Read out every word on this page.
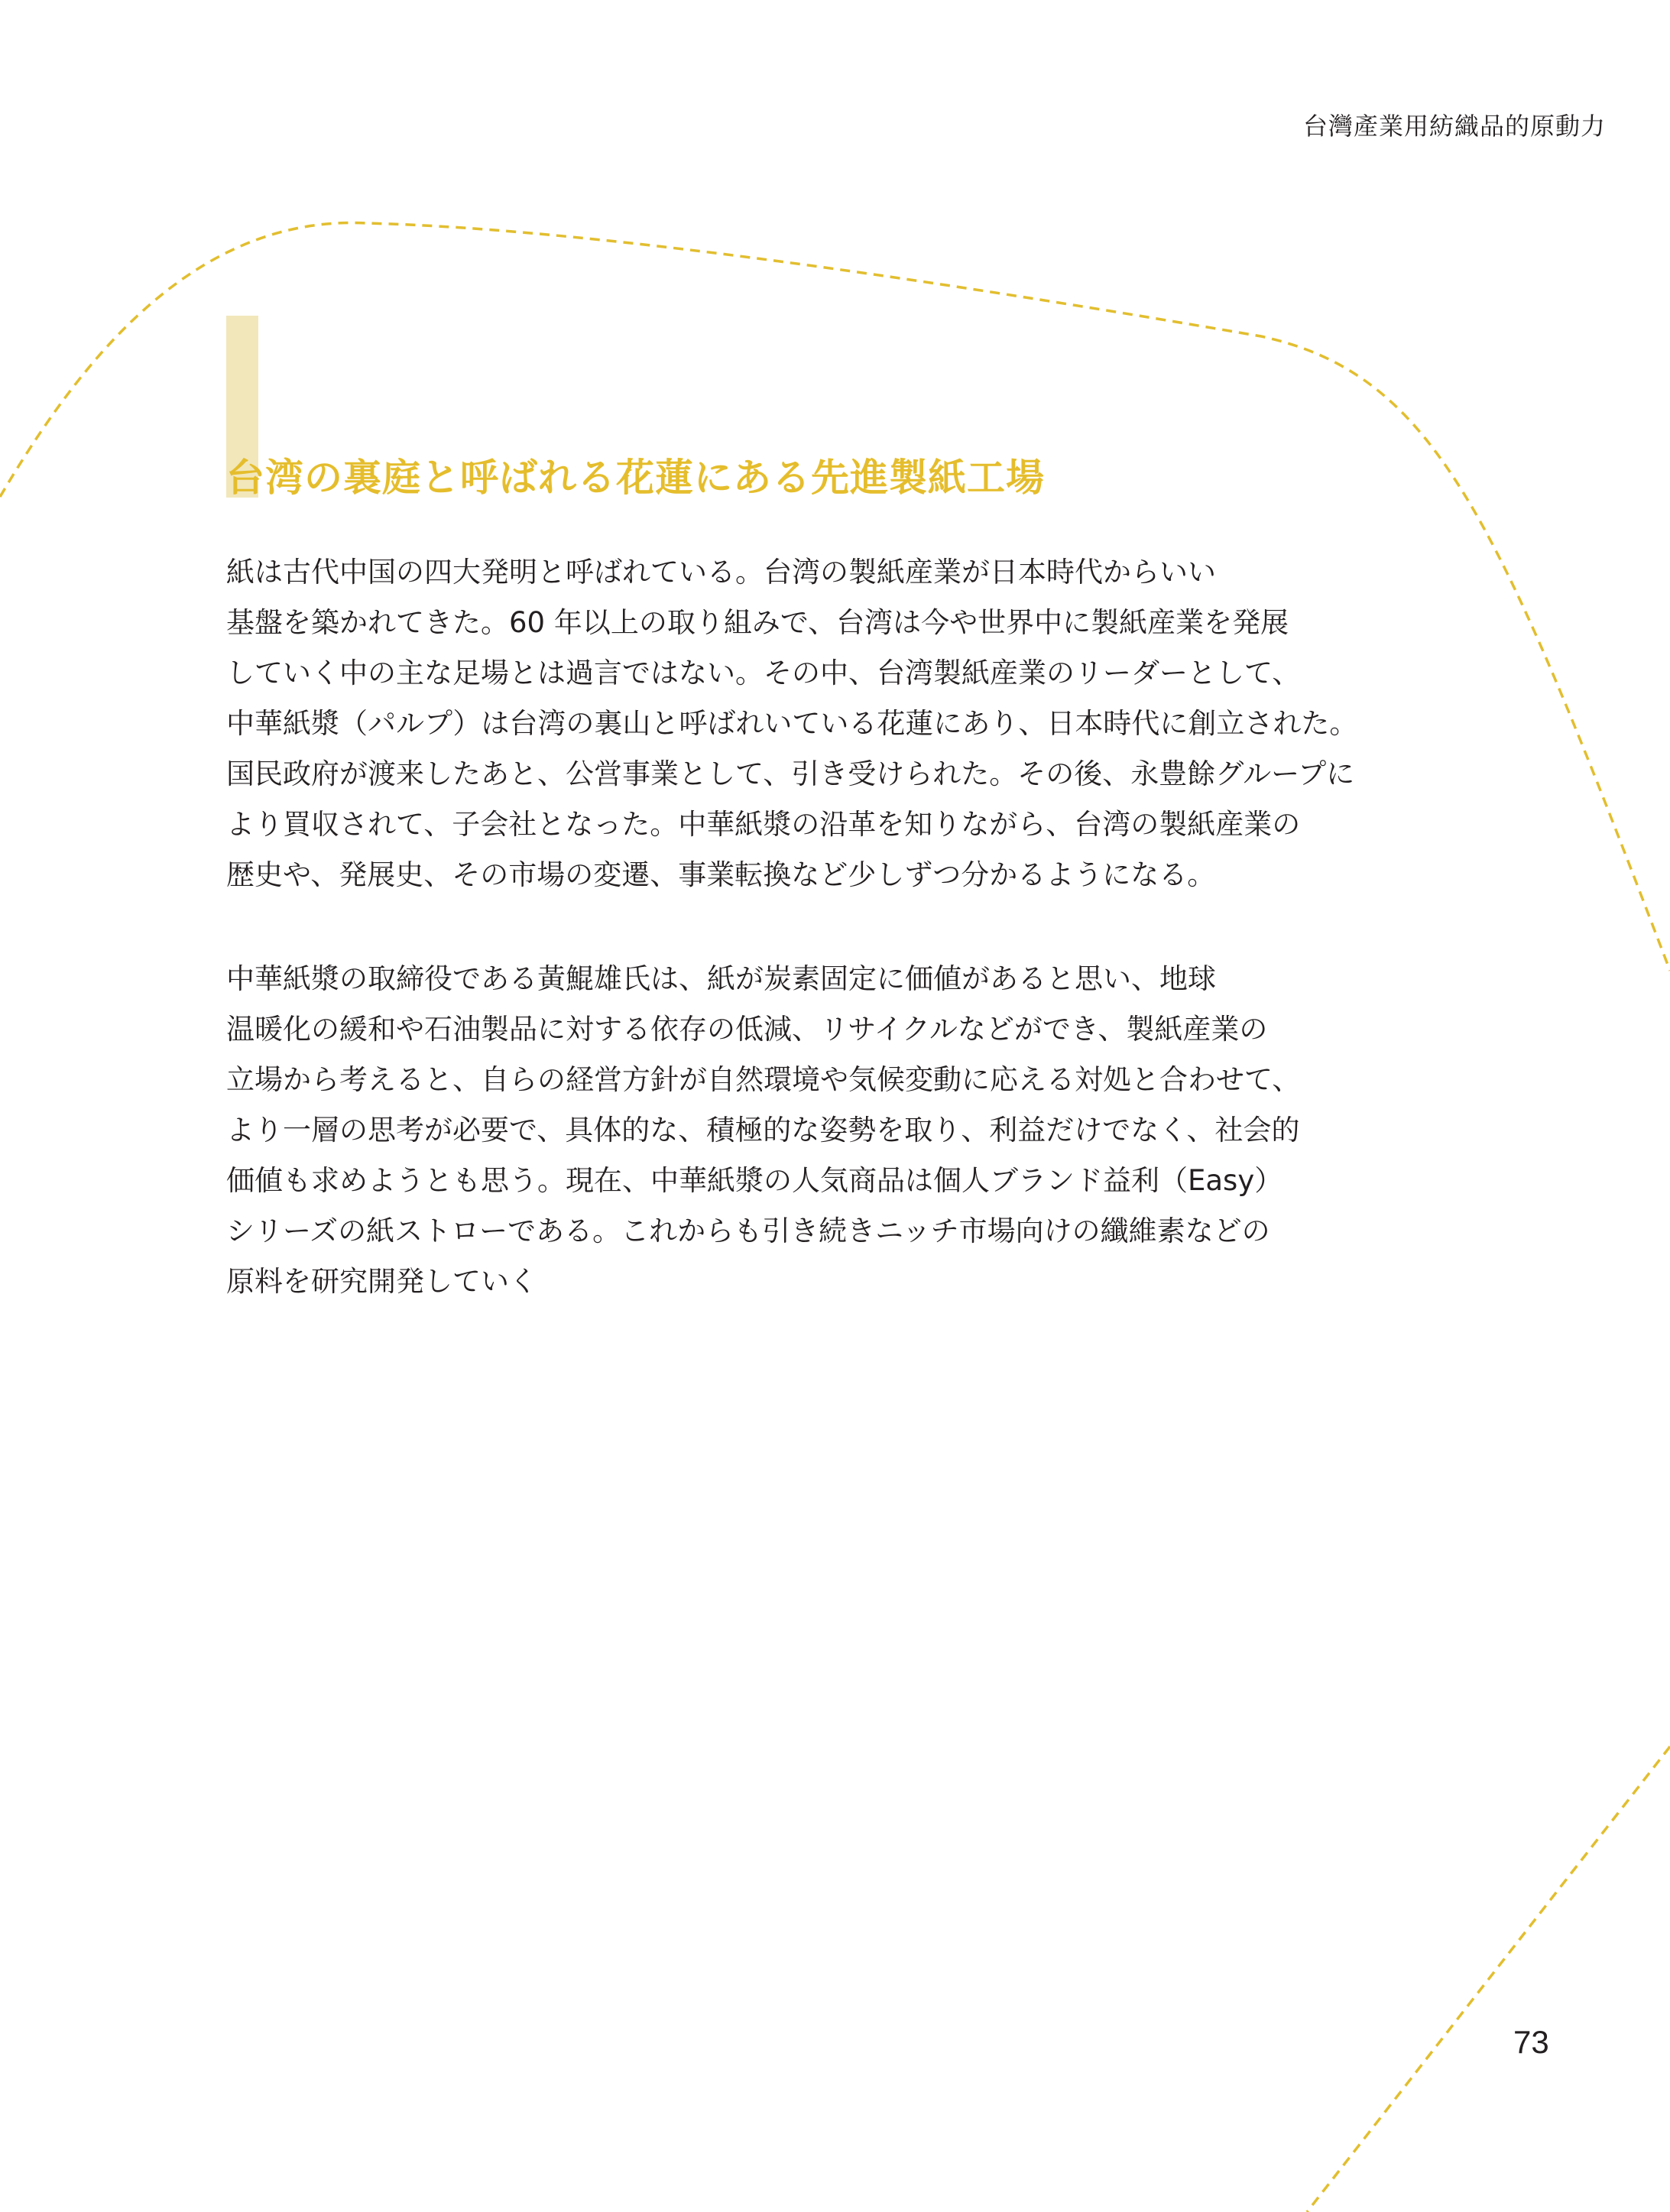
台灣產業用紡織品的原動力
台湾の裏庭と呼ばれる花蓮にある先進製紙工場

紙は古代中国の四大発明と呼ばれている。台湾の製紙産業が日本時代からいい
基盤を築かれてきた。60 年以上の取り組みで、台湾は今や世界中に製紙産業を発展
していく中の主な足場とは過言ではない。その中、台湾製紙産業のリーダーとして、
中華紙漿（パルプ）は台湾の裏山と呼ばれいている花蓮にあり、日本時代に創立された。
国民政府が渡来したあと、公営事業として、引き受けられた。その後、永豊餘グループに
より買収されて、子会社となった。中華紙漿の沿革を知りながら、台湾の製紙産業の
歴史や、発展史、その市場の変遷、事業転換など少しずつ分かるようになる。

中華紙漿の取締役である黃鯤雄氏は、紙が炭素固定に価値があると思い、地球
温暖化の緩和や石油製品に対する依存の低減、リサイクルなどができ、製紙産業の
立場から考えると、自らの経営方針が自然環境や気候変動に応える対処と合わせて、
より一層の思考が必要で、具体的な、積極的な姿勢を取り、利益だけでなく、社会的
価値も求めようとも思う。現在、中華紙漿の人気商品は個人ブランド益利（Easy）
シリーズの紙ストローである。これからも引き続きニッチ市場向けの纖維素などの
原料を研究開発していく

73
